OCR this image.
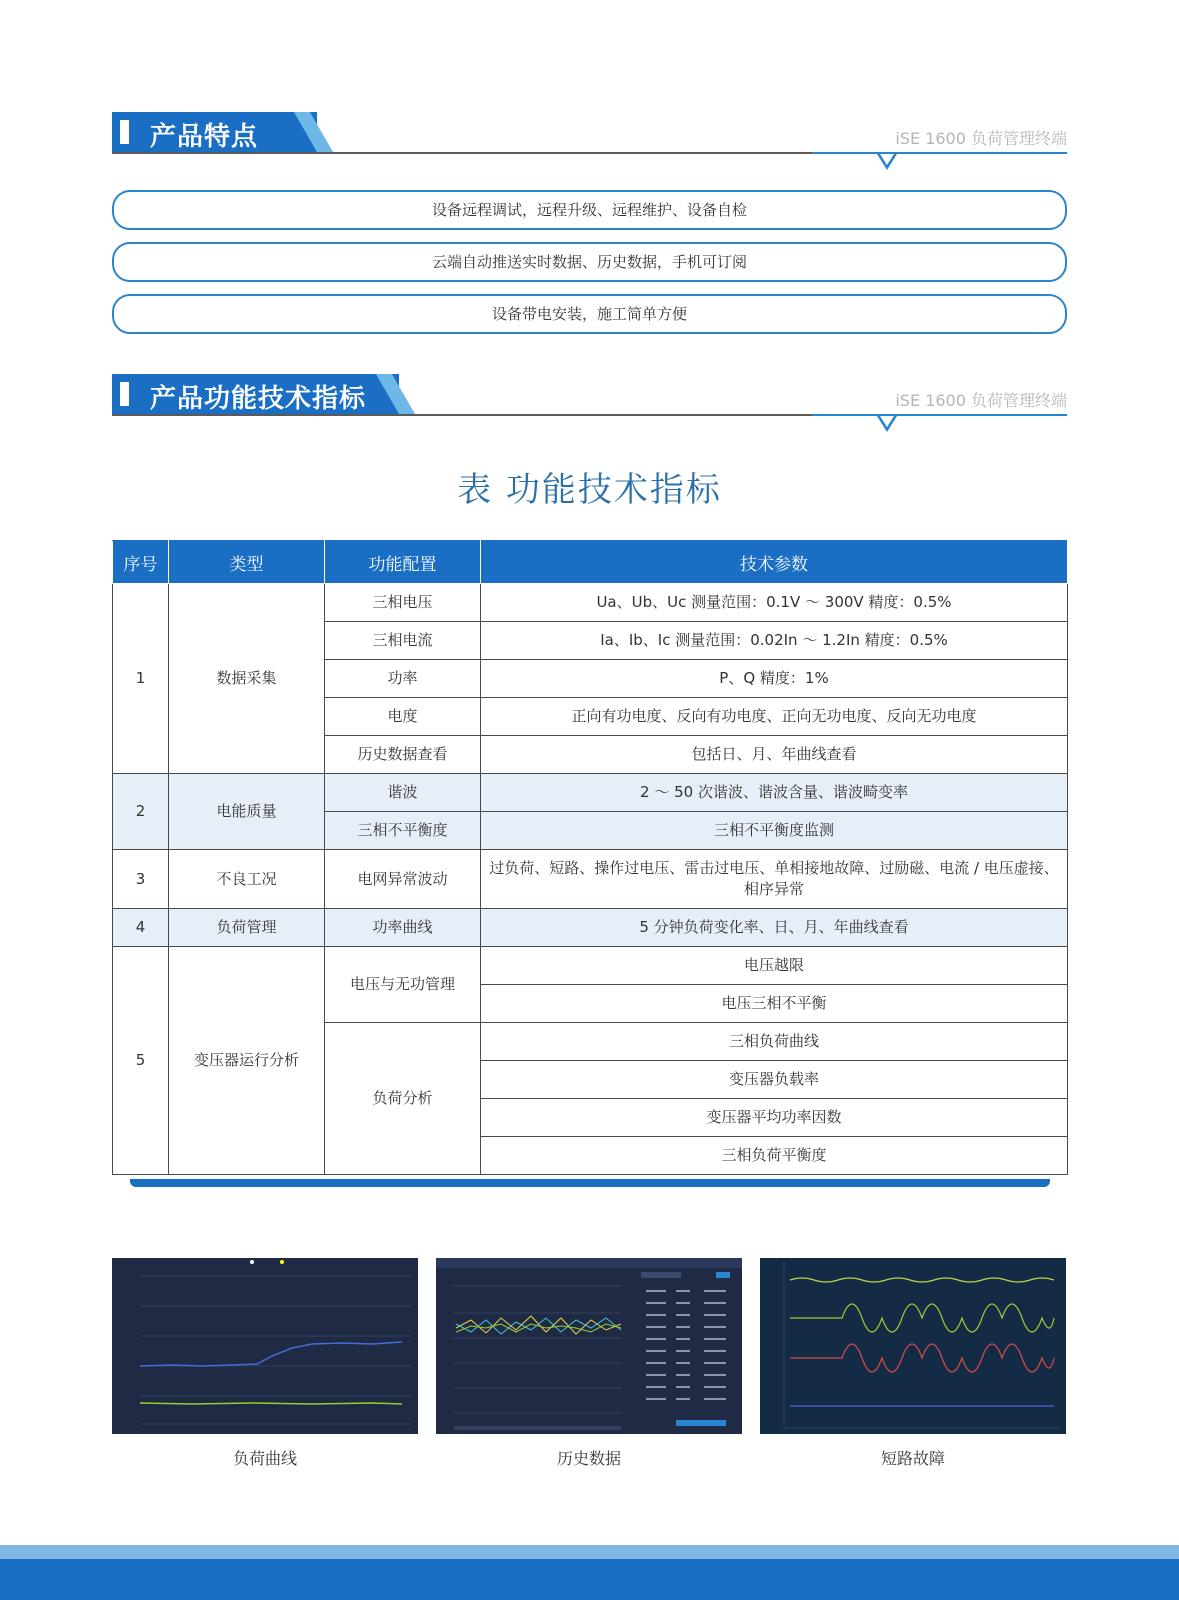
产品特点	iSE 1600 负荷管理终端
设备远程调试，远程升级、远程维护、设备自检
云端自动推送实时数据、历史数据，手机可订阅
设备带电安装，施工简单方便
产品功能技术指标	iSE 1600 负荷管理终端
表 功能技术指标
序号	类型	功能配置	技术参数
1	数据采集	三相电压	Ua、Ub、Uc 测量范围：0.1V ～ 300V 精度：0.5%
		三相电流	Ia、Ib、Ic 测量范围：0.02In ～ 1.2In 精度：0.5%
		功率	P、Q 精度：1%
		电度	正向有功电度、反向有功电度、正向无功电度、反向无功电度
		历史数据查看	包括日、月、年曲线查看
2	电能质量	谐波	2 ～ 50 次谐波、谐波含量、谐波畸变率
		三相不平衡度	三相不平衡度监测
3	不良工况	电网异常波动	过负荷、短路、操作过电压、雷击过电压、单相接地故障、过励磁、电流 / 电压虚接、相序异常
4	负荷管理	功率曲线	5 分钟负荷变化率、日、月、年曲线查看
5	变压器运行分析	电压与无功管理	电压越限
			电压三相不平衡
		负荷分析	三相负荷曲线
			变压器负载率
			变压器平均功率因数
			三相负荷平衡度
负荷曲线	历史数据	短路故障
